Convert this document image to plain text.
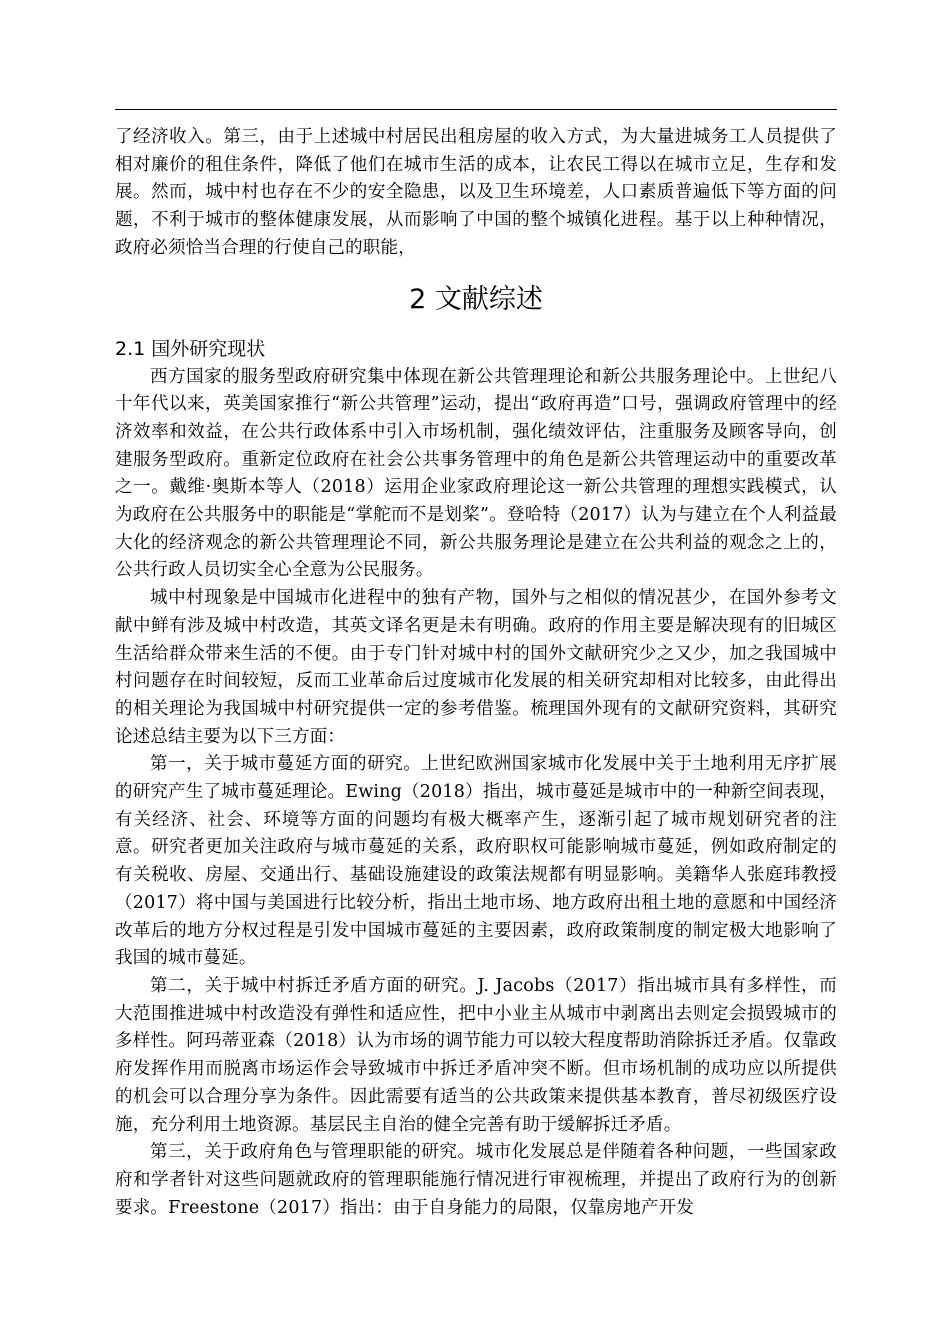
了经济收入。第三，由于上述城中村居民出租房屋的收入方式，为大量进城务工人员提供了相对廉价的租住条件，降低了他们在城市生活的成本，让农民工得以在城市立足，生存和发展。然而，城中村也存在不少的安全隐患，以及卫生环境差，人口素质普遍低下等方面的问题，不利于城市的整体健康发展，从而影响了中国的整个城镇化进程。基于以上种种情况，政府必须恰当合理的行使自己的职能，

2 文献综述
2.1 国外研究现状

西方国家的服务型政府研究集中体现在新公共管理理论和新公共服务理论中。上世纪八十年代以来，英美国家推行“新公共管理”运动，提出“政府再造”口号，强调政府管理中的经济效率和效益，在公共行政体系中引入市场机制，强化绩效评估，注重服务及顾客导向，创建服务型政府。重新定位政府在社会公共事务管理中的角色是新公共管理运动中的重要改革之一。戴维·奥斯本等人（2018）运用企业家政府理论这一新公共管理的理想实践模式，认为政府在公共服务中的职能是“掌舵而不是划桨”。登哈特（2017）认为与建立在个人利益最大化的经济观念的新公共管理理论不同，新公共服务理论是建立在公共利益的观念之上的，公共行政人员切实全心全意为公民服务。

城中村现象是中国城市化进程中的独有产物，国外与之相似的情况甚少，在国外参考文献中鲜有涉及城中村改造，其英文译名更是未有明确。政府的作用主要是解决现有的旧城区生活给群众带来生活的不便。由于专门针对城中村的国外文献研究少之又少，加之我国城中村问题存在时间较短，反而工业革命后过度城市化发展的相关研究却相对比较多，由此得出的相关理论为我国城中村研究提供一定的参考借鉴。梳理国外现有的文献研究资料，其研究论述总结主要为以下三方面：

第一，关于城市蔓延方面的研究。上世纪欧洲国家城市化发展中关于土地利用无序扩展的研究产生了城市蔓延理论。Ewing（2018）指出，城市蔓延是城市中的一种新空间表现，有关经济、社会、环境等方面的问题均有极大概率产生，逐渐引起了城市规划研究者的注意。研究者更加关注政府与城市蔓延的关系，政府职权可能影响城市蔓延，例如政府制定的有关税收、房屋、交通出行、基础设施建设的政策法规都有明显影响。美籍华人张庭玮教授（2017）将中国与美国进行比较分析，指出土地市场、地方政府出租土地的意愿和中国经济改革后的地方分权过程是引发中国城市蔓延的主要因素，政府政策制度的制定极大地影响了我国的城市蔓延。

第二，关于城中村拆迁矛盾方面的研究。J. Jacobs（2017）指出城市具有多样性，而大范围推进城中村改造没有弹性和适应性，把中小业主从城市中剥离出去则定会损毁城市的多样性。阿玛蒂亚森（2018）认为市场的调节能力可以较大程度帮助消除拆迁矛盾。仅靠政府发挥作用而脱离市场运作会导致城市中拆迁矛盾冲突不断。但市场机制的成功应以所提供的机会可以合理分享为条件。因此需要有适当的公共政策来提供基本教育，普尽初级医疗设施，充分利用土地资源。基层民主自治的健全完善有助于缓解拆迁矛盾。

第三，关于政府角色与管理职能的研究。城市化发展总是伴随着各种问题，一些国家政府和学者针对这些问题就政府的管理职能施行情况进行审视梳理，并提出了政府行为的创新要求。Freestone（2017）指出：由于自身能力的局限，仅靠房地产开发
